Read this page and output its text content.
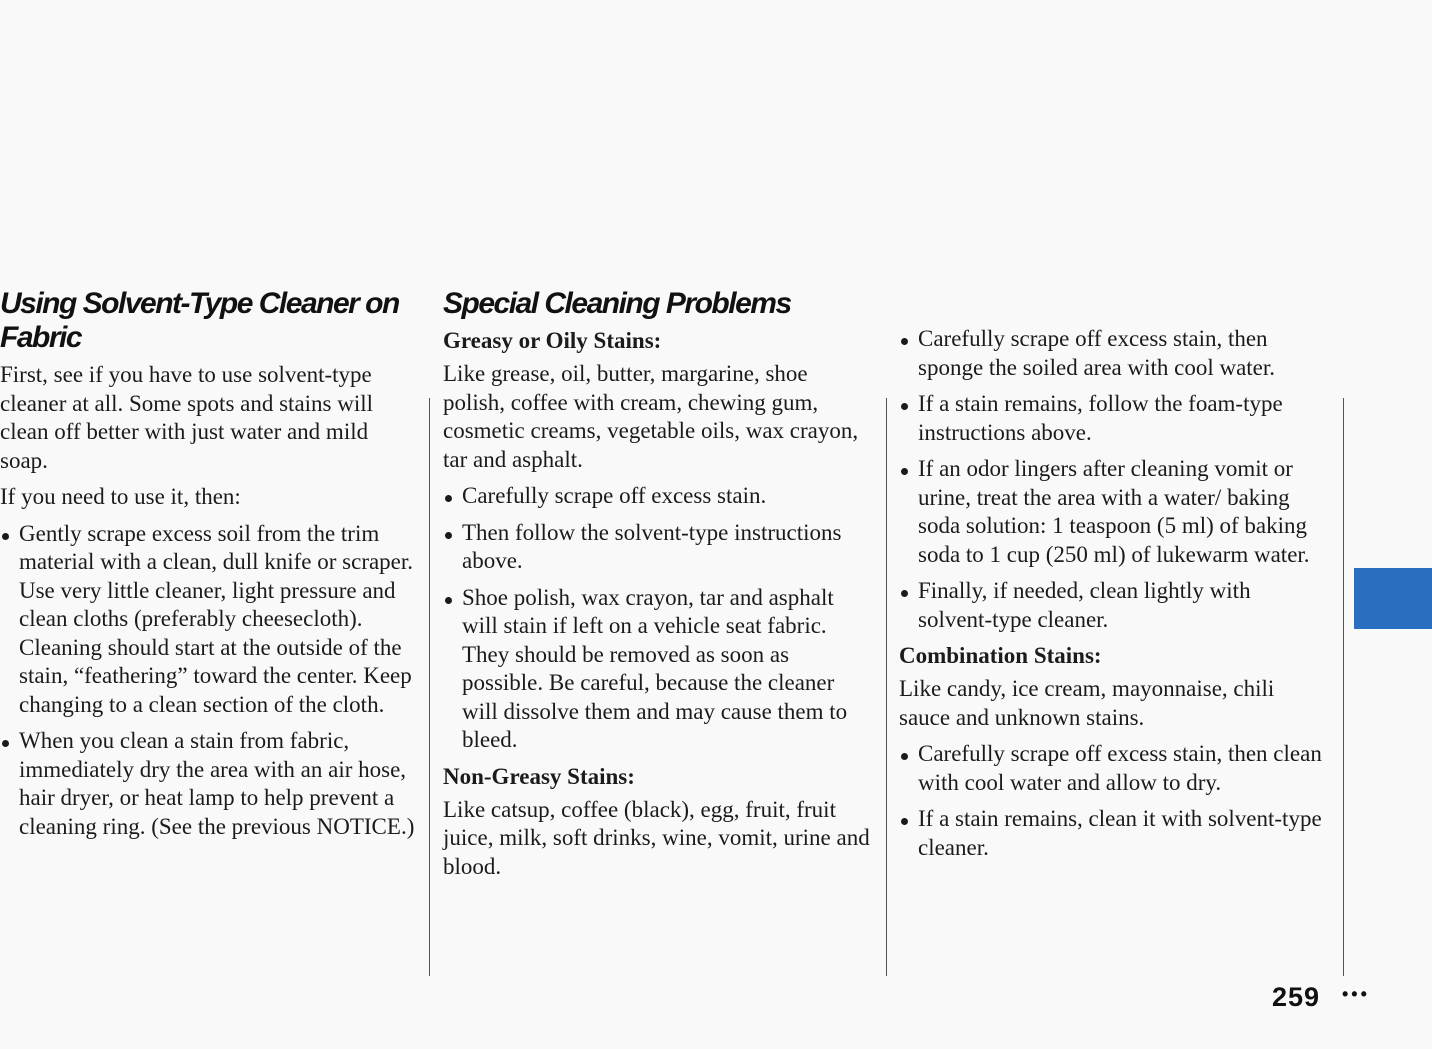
Using Solvent-Type Cleaner on
Fabric

First, see if you have to use solvent-type cleaner at all. Some spots and stains will clean off better with just water and mild soap.

If you need to use it, then:

Gently scrape excess soil from the trim material with a clean, dull knife or scraper. Use very little cleaner, light pressure and clean cloths (preferably cheesecloth). Cleaning should start at the outside of the stain, “feathering” toward the center. Keep changing to a clean section of the cloth.
When you clean a stain from fabric, immediately dry the area with an air hose, hair dryer, or heat lamp to help prevent a cleaning ring. (See the previous NOTICE.)
Special Cleaning Problems
Greasy or Oily Stains:

Like grease, oil, butter, margarine, shoe polish, coffee with cream, chewing gum, cosmetic creams, vegetable oils, wax crayon, tar and asphalt.

Carefully scrape off excess stain.
Then follow the solvent-type instructions above.
Shoe polish, wax crayon, tar and asphalt will stain if left on a vehicle seat fabric. They should be removed as soon as possible. Be careful, because the cleaner will dissolve them and may cause them to bleed.
Non-Greasy Stains:

Like catsup, coffee (black), egg, fruit, fruit juice, milk, soft drinks, wine, vomit, urine and blood.

Carefully scrape off excess stain, then sponge the soiled area with cool water.
If a stain remains, follow the foam-type instructions above.
If an odor lingers after cleaning vomit or urine, treat the area with a water/ baking soda solution: 1 teaspoon (5 ml) of baking soda to 1 cup (250 ml) of lukewarm water.
Finally, if needed, clean lightly with solvent-type cleaner.
Combination Stains:

Like candy, ice cream, mayonnaise, chili sauce and unknown stains.

Carefully scrape off excess stain, then clean with cool water and allow to dry.
If a stain remains, clean it with solvent-type cleaner.
259 •••
